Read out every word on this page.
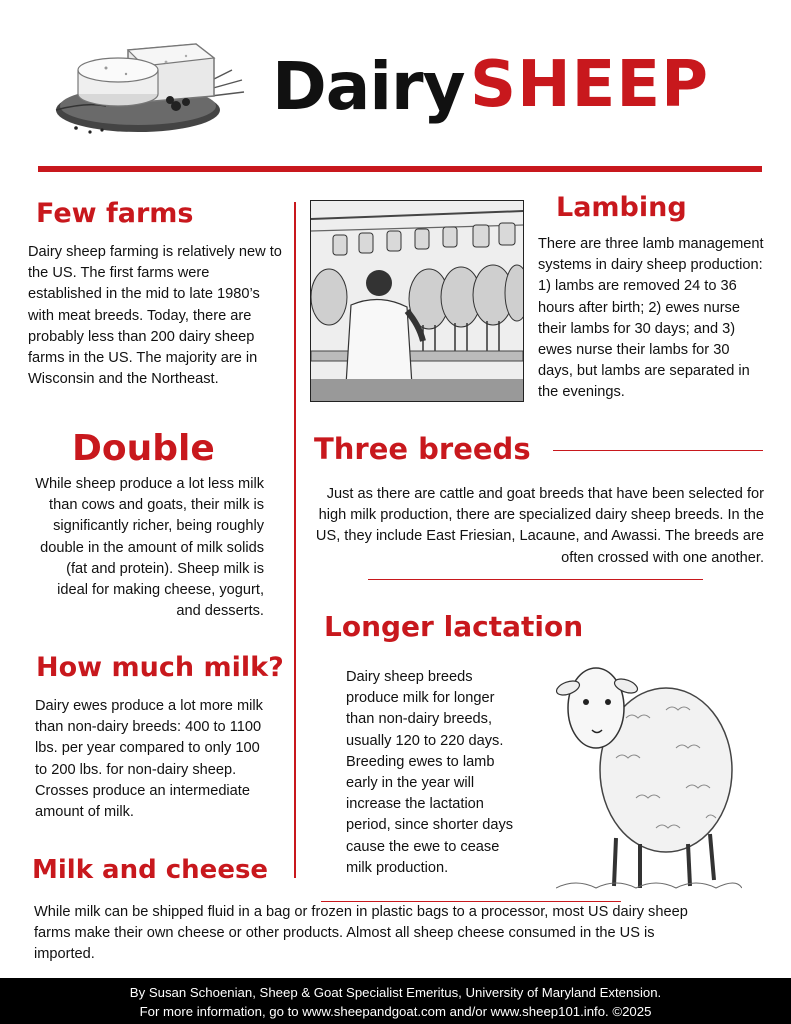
Dairy SHEEP
Few farms
Dairy sheep farming is relatively new to the US. The first farms were established in the mid to late 1980’s with meat breeds. Today, there are probably less than 200 dairy sheep farms in the US. The majority are in Wisconsin and the Northeast.
Double
While sheep produce a lot less milk than cows and goats, their milk is significantly richer, being roughly double in the amount of milk solids (fat and protein). Sheep milk is ideal for making cheese, yogurt, and desserts.
How much milk?
Dairy ewes produce a lot more milk than non-dairy breeds: 400 to 1100 lbs. per year compared to only 100 to 200 lbs. for non-dairy sheep. Crosses produce an intermediate amount of milk.
Milk and cheese
While milk can be shipped fluid in a bag or frozen in plastic bags to a processor, most US dairy sheep farms make their own cheese or other products. Almost all sheep cheese consumed in the US is imported.
Lambing
There are three lamb management systems in dairy sheep production: 1) lambs are removed 24 to 36 hours after birth; 2) ewes nurse their lambs for 30 days; and 3) ewes nurse their lambs for 30 days, but lambs are separated in the evenings.
Three breeds
Just as there are cattle and goat breeds that have been selected for high milk production, there are specialized dairy sheep breeds. In the US, they include East Friesian, Lacaune, and Awassi. The breeds are often crossed with one another.
Longer lactation
Dairy sheep breeds produce milk for longer than non-dairy breeds, usually 120 to 220 days. Breeding ewes to lamb early in the year will increase the lactation period, since shorter days cause the ewe to cease milk production.
By Susan Schoenian, Sheep & Goat Specialist Emeritus, University of Maryland Extension.
For more information, go to www.sheepandgoat.com and/or www.sheep101.info. ©2025
